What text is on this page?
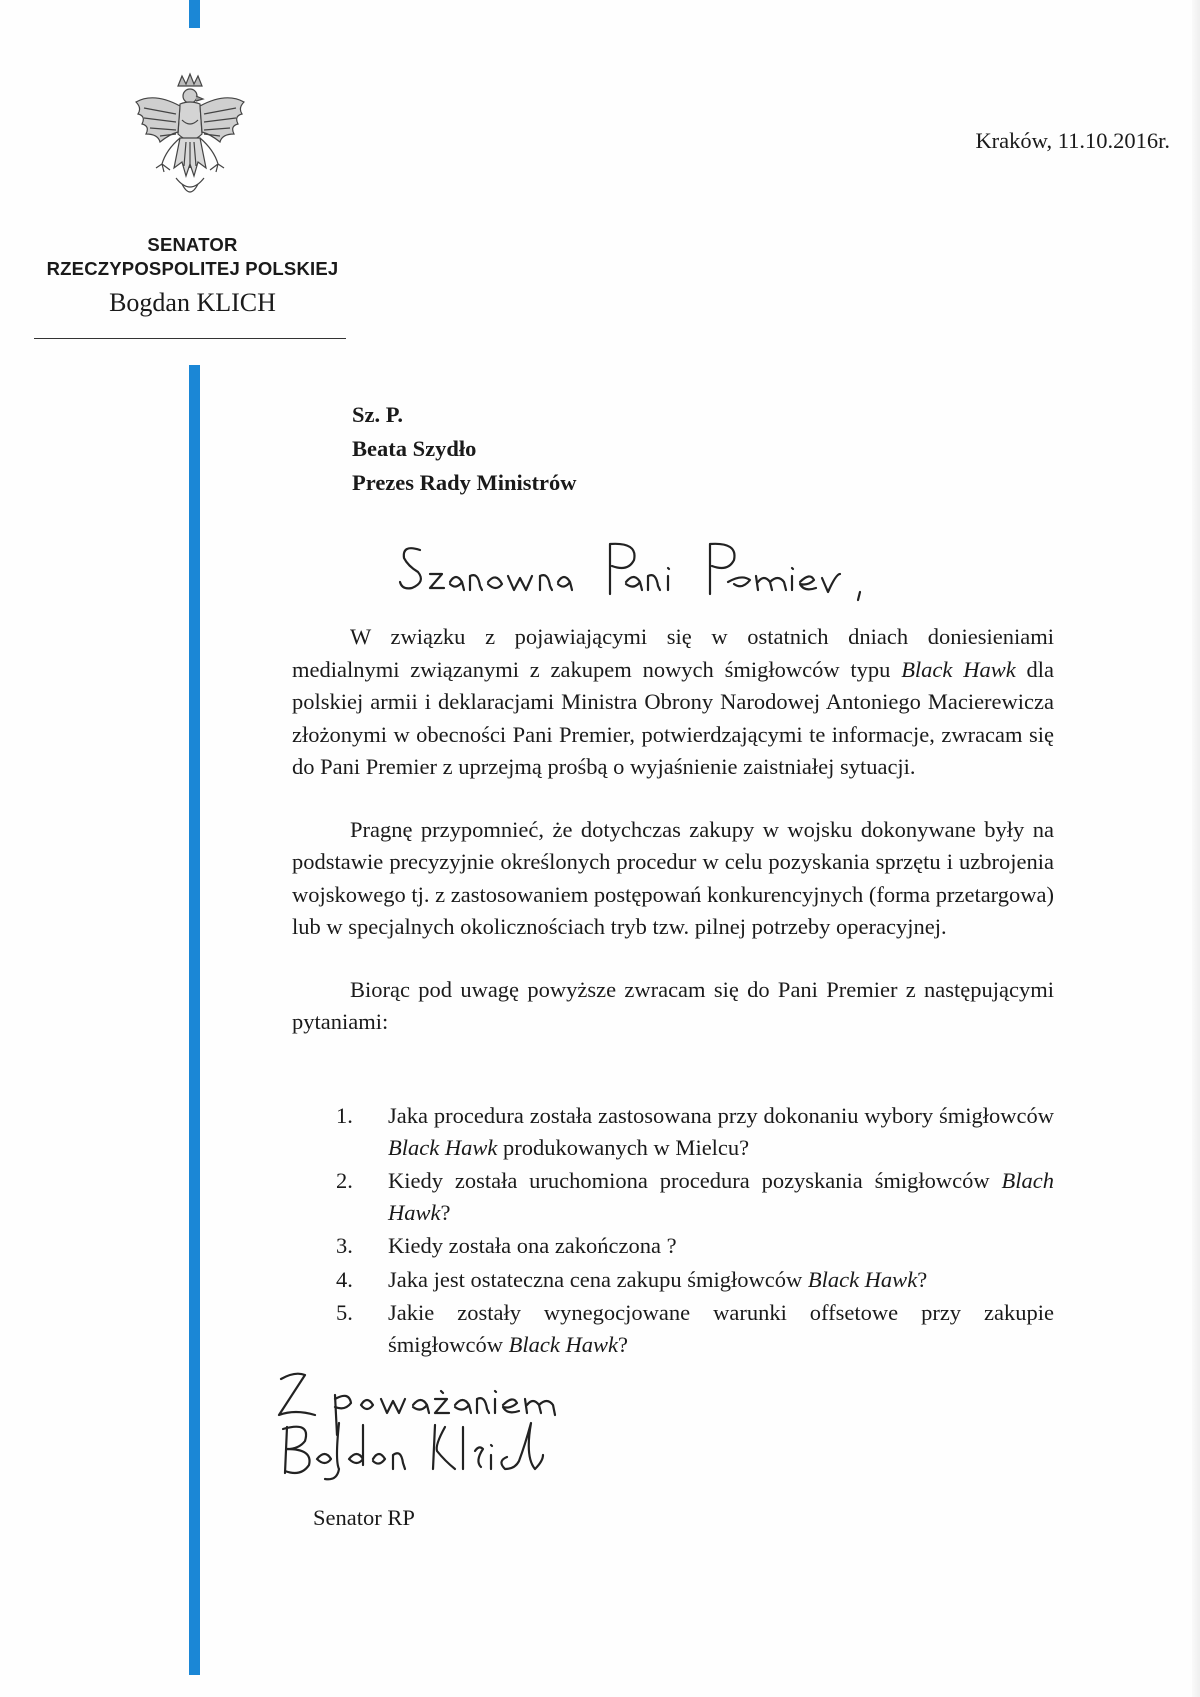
SENATOR
RZECZYPOSPOLITEJ POLSKIEJ
Bogdan KLICH
Kraków, 11.10.2016r.
Sz. P.
Beata Szydło
Prezes Rady Ministrów

W związku z pojawiającymi się w ostatnich dniach doniesieniami medialnymi związanymi z zakupem nowych śmigłowców typu Black Hawk dla polskiej armii i deklaracjami Ministra Obrony Narodowej Antoniego Macierewicza złożonymi w obecności Pani Premier, potwierdzającymi te informacje, zwracam się do Pani Premier z uprzejmą prośbą o wyjaśnienie zaistniałej sytuacji.

Pragnę przypomnieć, że dotychczas zakupy w wojsku dokonywane były na podstawie precyzyjnie określonych procedur w celu pozyskania sprzętu i uzbrojenia wojskowego tj. z zastosowaniem postępowań konkurencyjnych (forma przetargowa) lub w specjalnych okolicznościach tryb tzw. pilnej potrzeby operacyjnej.

Biorąc pod uwagę powyższe zwracam się do Pani Premier z następującymi pytaniami:

1.	Jaka procedura została zastosowana przy dokonaniu wybory śmigłowców Black Hawk produkowanych w Mielcu?
2.	Kiedy została uruchomiona procedura pozyskania śmigłowców Blach Hawk?
3.	Kiedy została ona zakończona ?
4.	Jaka jest ostateczna cena zakupu śmigłowców Black Hawk?
5.	Jakie zostały wynegocjowane warunki offsetowe przy zakupie śmigłowców Black Hawk?
Senator RP
